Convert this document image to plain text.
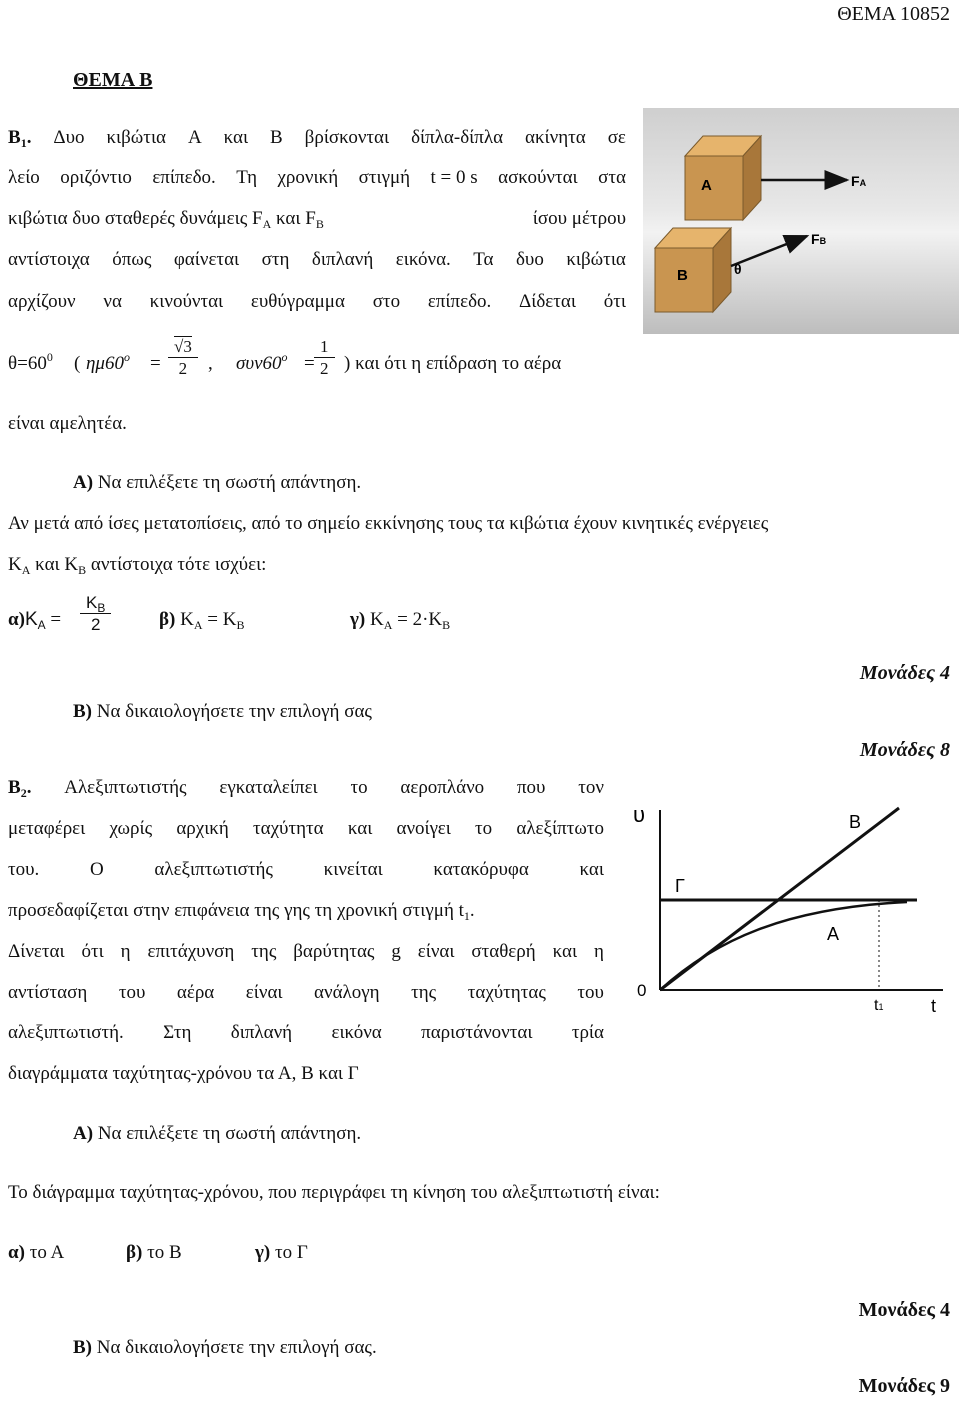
ΘΕΜΑ 10852
ΘΕΜΑ Β
$B_1$. Δυο κιβώτια Α και Β βρίσκονται δίπλα-δίπλα ακίνητα σε
λείο οριζόντιο επίπεδο. Τη χρονική στιγμή t = 0 s ασκούνται στα
κιβώτια δυο σταθερές δυνάμεις $F_A$ και $F_B$	ίσου μέτρου
αντίστοιχα όπως φαίνεται στη διπλανή εικόνα. Τα δυο κιβώτια
αρχίζουν να κινούνται ευθύγραμμα στο επίπεδο. Δίδεται ότι
$\theta=60^0$ ( $\eta\mu 60^o = \frac{√3}{2}$ , $\sigma\upsilon\nu 60^o = \frac{1}{2}$ ) και ότι η επίδραση το αέρα
είναι αμελητέα.
A	FA
B
FB
θ
Α) Να επιλέξετε τη σωστή απάντηση.
Αν μετά από ίσες μετατοπίσεις, από το σημείο εκκίνησης τους τα κιβώτια έχουν κινητικές ενέργειες
$K_A$ και $K_B$ αντίστοιχα τότε ισχύει:
$\alpha)K_A = \frac{K_B}{2}$	β) $K_A = K_B$	γ) $K_A = 2\cdot K_B$
Μονάδες 4
Β) Να δικαιολογήσετε την επιλογή σας
Μονάδες 8
$B_2$. Αλεξιπτωτιστής εγκαταλείπει το αεροπλάνο που τον
μεταφέρει χωρίς αρχική ταχύτητα και ανοίγει το αλεξίπτωτο
του.	Ο	αλεξιπτωτιστής	κινείται	κατακόρυφα	και
προσεδαφίζεται στην επιφάνεια της γης τη χρονική στιγμή $t_1$.
Δίνεται ότι η επιτάχυνση της βαρύτητας g είναι σταθερή και η
αντίσταση του αέρα είναι ανάλογη της ταχύτητας του
αλεξιπτωτιστή. Στη διπλανή εικόνα παριστάνονται τρία
διαγράμματα ταχύτητας-χρόνου τα Α, Β και Γ
υ
0
t
t1
B
Γ
A
Α) Να επιλέξετε τη σωστή απάντηση.
Το διάγραμμα ταχύτητας-χρόνου, που περιγράφει τη κίνηση του αλεξιπτωτιστή είναι:
α) το Α	β) το Β	γ) το Γ
Μονάδες 4
Β) Να δικαιολογήσετε την επιλογή σας.
Μονάδες 9
